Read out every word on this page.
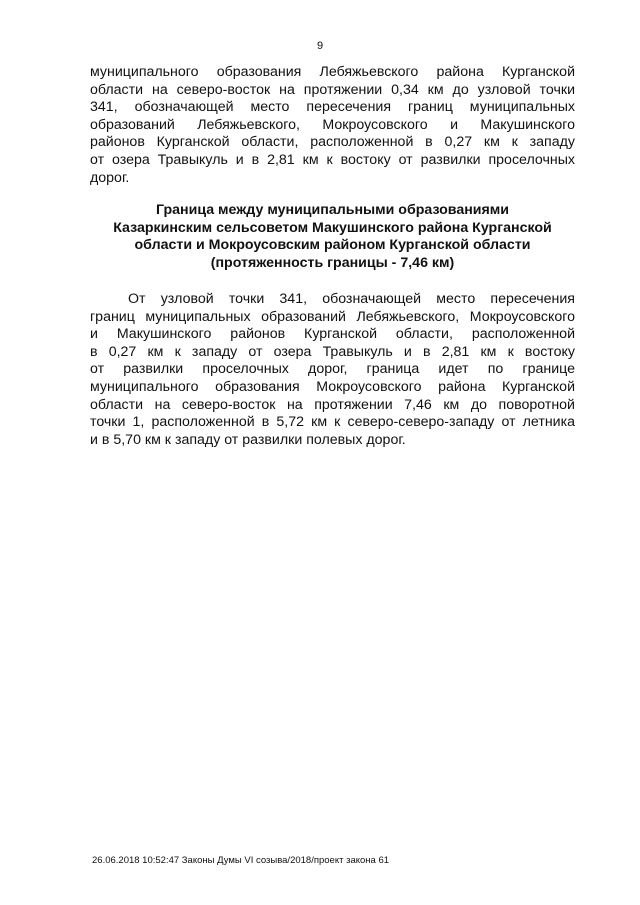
9
муниципального образования Лебяжьевского района Курганской
области на северо-восток на протяжении 0,34 км до узловой точки
341, обозначающей место пересечения границ муниципальных
образований Лебяжьевского, Мокроусовского и Макушинского
районов Курганской области, расположенной в 0,27 км к западу
от озера Травыкуль и в 2,81 км к востоку от развилки проселочных
дорог.
Граница между муниципальными образованиями
Казаркинским сельсоветом Макушинского района Курганской
области и Мокроусовским районом Курганской области
(протяженность границы - 7,46 км)
От узловой точки 341, обозначающей место пересечения
границ муниципальных образований Лебяжьевского, Мокроусовского
и Макушинского районов Курганской области, расположенной
в 0,27 км к западу от озера Травыкуль и в 2,81 км к востоку
от развилки проселочных дорог, граница идет по границе
муниципального образования Мокроусовского района Курганской
области на северо-восток на протяжении 7,46 км до поворотной
точки 1, расположенной в 5,72 км к северо-северо-западу от летника
и в 5,70 км к западу от развилки полевых дорог.
26.06.2018 10:52:47 Законы Думы VI созыва/2018/проект закона 61
